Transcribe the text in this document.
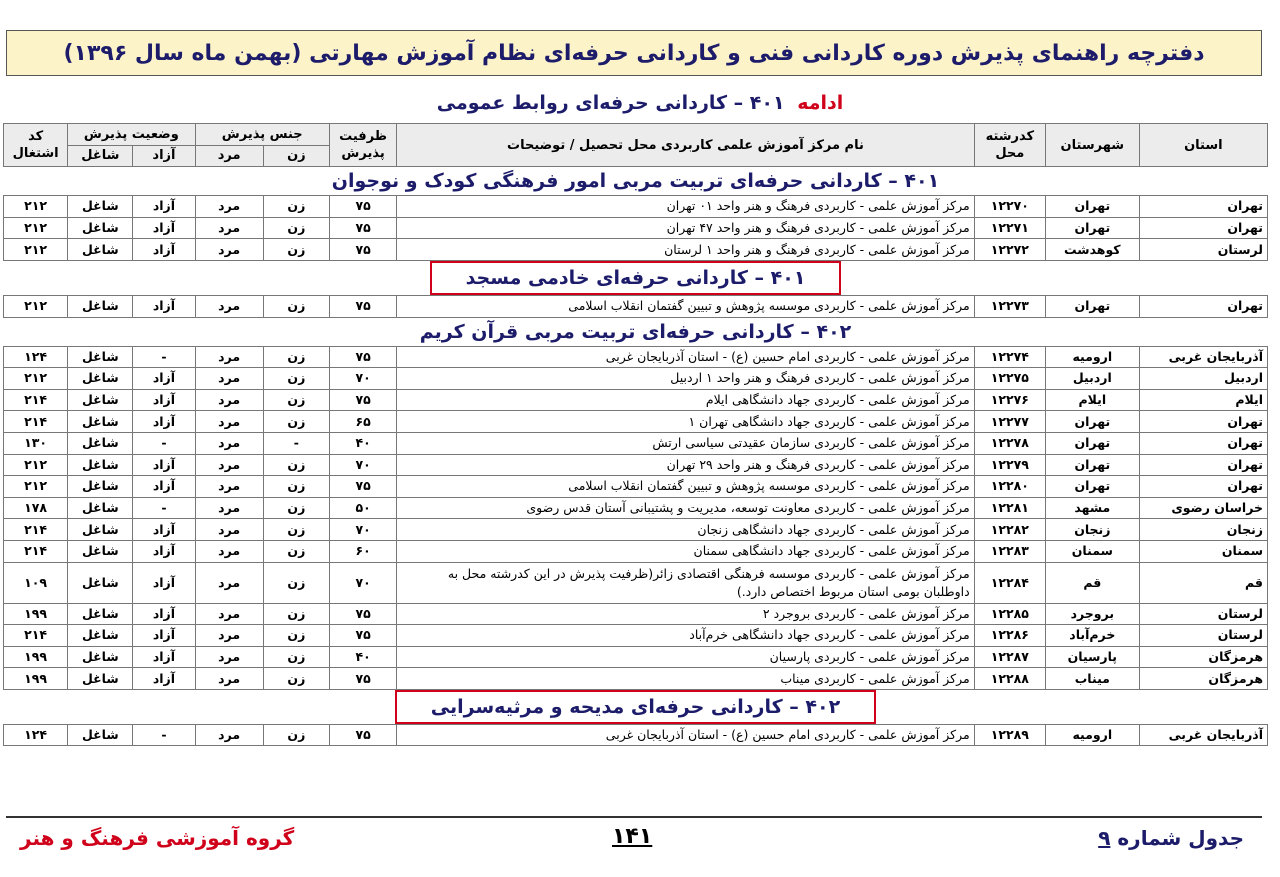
دفترچه راهنمای پذیرش دوره کاردانی فنی و کاردانی حرفه‌ای نظام آموزش مهارتی (بهمن ماه سال ۱۳۹۶)
ادامه ۴۰۱ – کاردانی حرفه‌ای روابط عمومی
استان	شهرستان	کدرشته محل	نام مرکز آموزش علمی کاربردی محل تحصیل / توضیحات	ظرفیت پذیرش	جنس پذیرش		وضعیت پذیرش		کد اشتغال
					زن	مرد	آزاد	شاغل	
۴۰۱ – کاردانی حرفه‌ای تربیت مربی امور فرهنگی کودک و نوجوان									
تهران	تهران	۱۲۲۷۰	مرکز آموزش علمی - کاربردی فرهنگ و هنر واحد ۰۱ تهران	۷۵	زن	مرد	آزاد	شاغل	۲۱۲
تهران	تهران	۱۲۲۷۱	مرکز آموزش علمی - کاربردی فرهنگ و هنر واحد ۴۷ تهران	۷۵	زن	مرد	آزاد	شاغل	۲۱۲
لرستان	کوهدشت	۱۲۲۷۲	مرکز آموزش علمی - کاربردی فرهنگ و هنر واحد ۱ لرستان	۷۵	زن	مرد	آزاد	شاغل	۲۱۲
۴۰۱ – کاردانی حرفه‌ای خادمی مسجد									
تهران	تهران	۱۲۲۷۳	مرکز آموزش علمی - کاربردی موسسه پژوهش و تبیین گفتمان انقلاب اسلامی	۷۵	زن	مرد	آزاد	شاغل	۲۱۲
۴۰۲ – کاردانی حرفه‌ای تربیت مربی قرآن کریم									
آذربایجان غربی	ارومیه	۱۲۲۷۴	مرکز آموزش علمی - کاربردی امام حسین (ع) - استان آذربایجان غربی	۷۵	زن	مرد	-	شاغل	۱۲۴
اردبیل	اردبیل	۱۲۲۷۵	مرکز آموزش علمی - کاربردی فرهنگ و هنر واحد ۱ اردبیل	۷۰	زن	مرد	آزاد	شاغل	۲۱۲
ایلام	ایلام	۱۲۲۷۶	مرکز آموزش علمی - کاربردی جهاد دانشگاهی ایلام	۷۵	زن	مرد	آزاد	شاغل	۲۱۴
تهران	تهران	۱۲۲۷۷	مرکز آموزش علمی - کاربردی جهاد دانشگاهی تهران ۱	۶۵	زن	مرد	آزاد	شاغل	۲۱۴
تهران	تهران	۱۲۲۷۸	مرکز آموزش علمی - کاربردی سازمان عقیدتی سیاسی ارتش	۴۰	-	مرد	-	شاغل	۱۳۰
تهران	تهران	۱۲۲۷۹	مرکز آموزش علمی - کاربردی فرهنگ و هنر واحد ۲۹ تهران	۷۰	زن	مرد	آزاد	شاغل	۲۱۲
تهران	تهران	۱۲۲۸۰	مرکز آموزش علمی - کاربردی موسسه پژوهش و تبیین گفتمان انقلاب اسلامی	۷۵	زن	مرد	آزاد	شاغل	۲۱۲
خراسان رضوی	مشهد	۱۲۲۸۱	مرکز آموزش علمی - کاربردی معاونت توسعه، مدیریت و پشتیبانی آستان قدس رضوی	۵۰	زن	مرد	-	شاغل	۱۷۸
زنجان	زنجان	۱۲۲۸۲	مرکز آموزش علمی - کاربردی جهاد دانشگاهی زنجان	۷۰	زن	مرد	آزاد	شاغل	۲۱۴
سمنان	سمنان	۱۲۲۸۳	مرکز آموزش علمی - کاربردی جهاد دانشگاهی سمنان	۶۰	زن	مرد	آزاد	شاغل	۲۱۴
قم	قم	۱۲۲۸۴	مرکز آموزش علمی - کاربردی موسسه فرهنگی اقتصادی زائر(ظرفیت پذیرش در این کدرشته محل به داوطلبان بومی استان مربوط اختصاص دارد.)	۷۰	زن	مرد	آزاد	شاغل	۱۰۹
لرستان	بروجرد	۱۲۲۸۵	مرکز آموزش علمی - کاربردی بروجرد ۲	۷۵	زن	مرد	آزاد	شاغل	۱۹۹
لرستان	خرم‌آباد	۱۲۲۸۶	مرکز آموزش علمی - کاربردی جهاد دانشگاهی خرم‌آباد	۷۵	زن	مرد	آزاد	شاغل	۲۱۴
هرمزگان	پارسیان	۱۲۲۸۷	مرکز آموزش علمی - کاربردی پارسیان	۴۰	زن	مرد	آزاد	شاغل	۱۹۹
هرمزگان	میناب	۱۲۲۸۸	مرکز آموزش علمی - کاربردی میناب	۷۵	زن	مرد	آزاد	شاغل	۱۹۹
۴۰۲ – کاردانی حرفه‌ای مدیحه و مرثیه‌سرایی									
آذربایجان غربی	ارومیه	۱۲۲۸۹	مرکز آموزش علمی - کاربردی امام حسین (ع) - استان آذربایجان غربی	۷۵	زن	مرد	-	شاغل	۱۲۴
جدول شماره ۹
۱۴۱
گروه آموزشی فرهنگ و هنر
